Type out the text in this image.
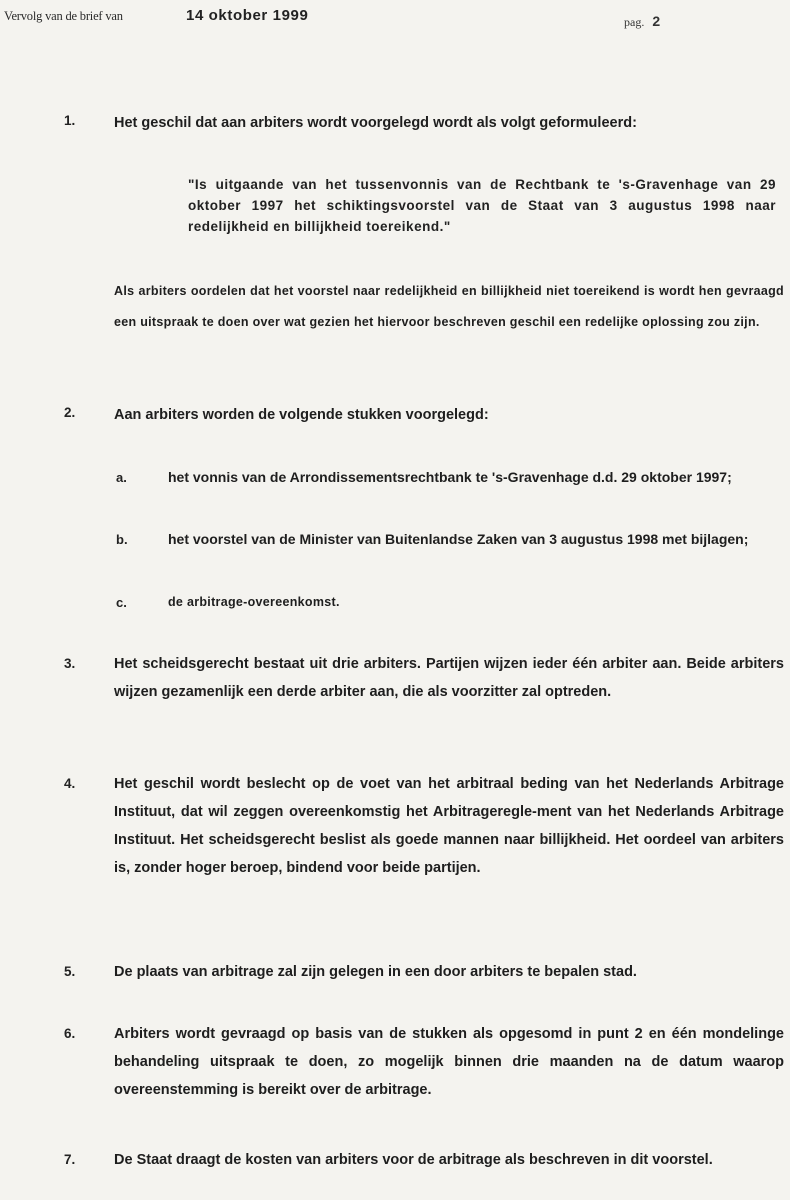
Vervolg van de brief van	14 oktober 1999	pag. 2
1.	Het geschil dat aan arbiters wordt voorgelegd wordt als volgt geformuleerd:
"Is uitgaande van het tussenvonnis van de Rechtbank te 's-Gravenhage van 29 oktober 1997 het schiktingsvoorstel van de Staat van 3 augustus 1998 naar redelijkheid en billijkheid toereikend."
Als arbiters oordelen dat het voorstel naar redelijkheid en billijkheid niet toereikend is wordt hen gevraagd een uitspraak te doen over wat gezien het hiervoor beschreven geschil een redelijke oplossing zou zijn.
2.	Aan arbiters worden de volgende stukken voorgelegd:
a.	het vonnis van de Arrondissementsrechtbank te 's-Gravenhage d.d. 29 oktober 1997;
b.	het voorstel van de Minister van Buitenlandse Zaken van 3 augustus 1998 met bijlagen;
c.	de arbitrage-overeenkomst.
3.	Het scheidsgerecht bestaat uit drie arbiters. Partijen wijzen ieder één arbiter aan. Beide arbiters wijzen gezamenlijk een derde arbiter aan, die als voorzitter zal optreden.
4.	Het geschil wordt beslecht op de voet van het arbitraal beding van het Nederlands Arbitrage Instituut, dat wil zeggen overeenkomstig het Arbitrageregle-ment van het Nederlands Arbitrage Instituut. Het scheidsgerecht beslist als goede mannen naar billijkheid. Het oordeel van arbiters is, zonder hoger beroep, bindend voor beide partijen.
5.	De plaats van arbitrage zal zijn gelegen in een door arbiters te bepalen stad.
6.	Arbiters wordt gevraagd op basis van de stukken als opgesomd in punt 2 en één mondelinge behandeling uitspraak te doen, zo mogelijk binnen drie maanden na de datum waarop overeenstemming is bereikt over de arbitrage.
7.	De Staat draagt de kosten van arbiters voor de arbitrage als beschreven in dit voorstel.
